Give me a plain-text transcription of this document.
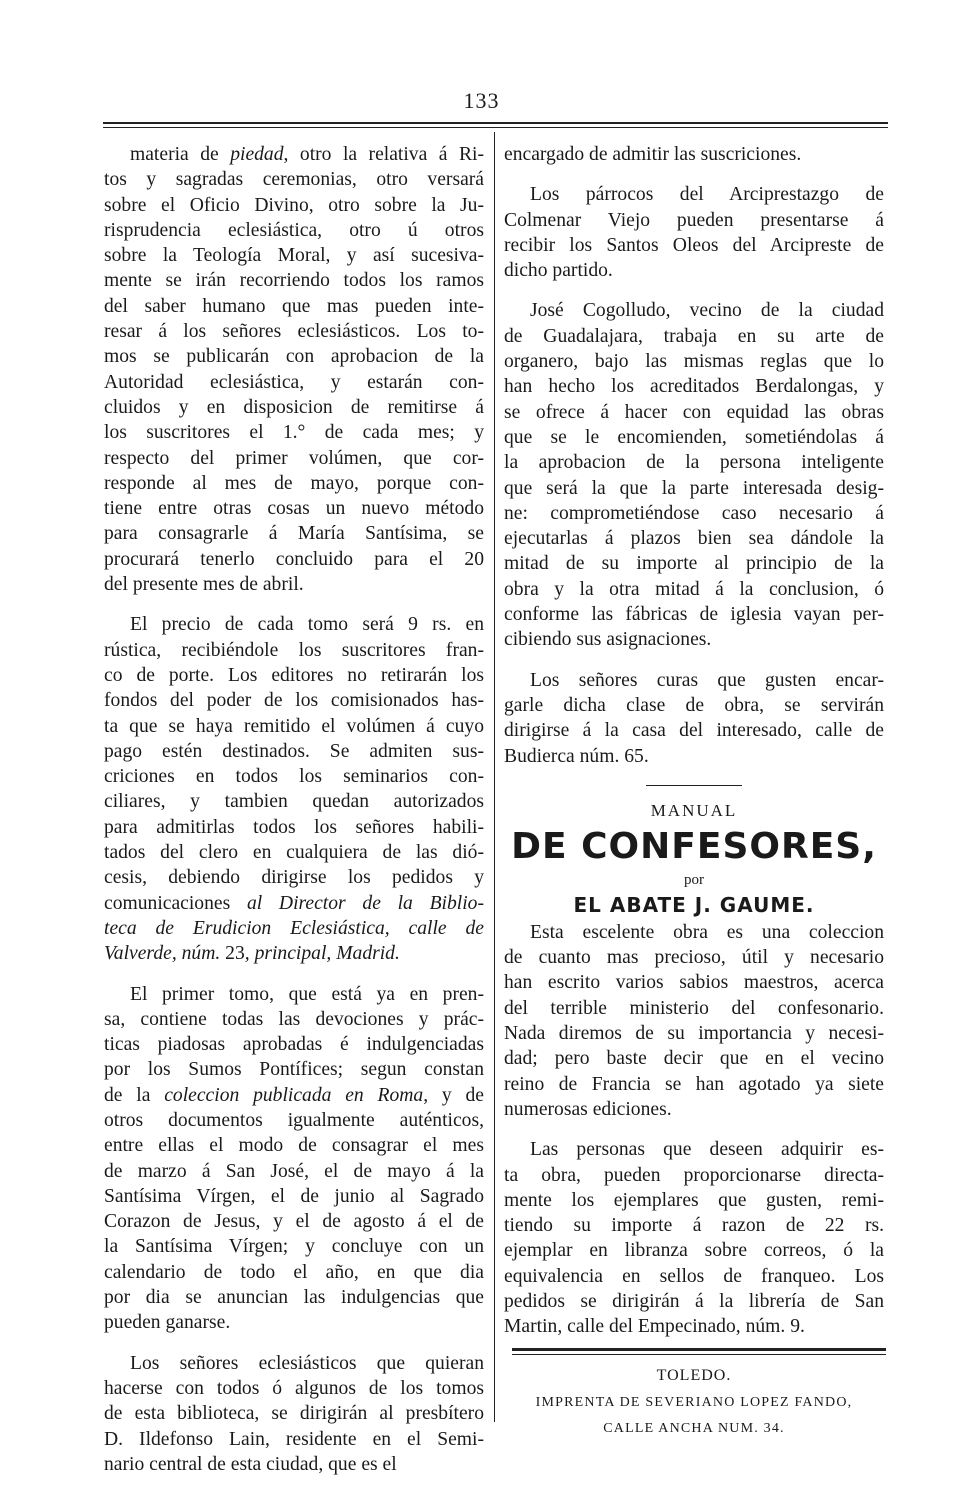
133
materia de piedad, otro la relativa á Ri-
tos y sagradas ceremonias, otro versará
sobre el Oficio Divino, otro sobre la Ju-
risprudencia eclesiástica, otro ú otros
sobre la Teología Moral, y así sucesiva-
mente se irán recorriendo todos los ramos
del saber humano que mas pueden inte-
resar á los señores eclesiásticos. Los to-
mos se publicarán con aprobacion de la
Autoridad eclesiástica, y estarán con-
cluidos y en disposicion de remitirse á
los suscritores el 1.° de cada mes; y
respecto del primer volúmen, que cor-
responde al mes de mayo, porque con-
tiene entre otras cosas un nuevo método
para consagrarle á María Santísima, se
procurará tenerlo concluido para el 20
del presente mes de abril.
El precio de cada tomo será 9 rs. en
rústica, recibiéndole los suscritores fran-
co de porte. Los editores no retirarán los
fondos del poder de los comisionados has-
ta que se haya remitido el volúmen á cuyo
pago estén destinados. Se admiten sus-
criciones en todos los seminarios con-
ciliares, y tambien quedan autorizados
para admitirlas todos los señores habili-
tados del clero en cualquiera de las dió-
cesis, debiendo dirigirse los pedidos y
comunicaciones al Director de la Biblio-
teca de Erudicion Eclesiástica, calle de
Valverde, núm. 23, principal, Madrid.
El primer tomo, que está ya en pren-
sa, contiene todas las devociones y prác-
ticas piadosas aprobadas é indulgenciadas
por los Sumos Pontífices; segun constan
de la coleccion publicada en Roma, y de
otros documentos igualmente auténticos,
entre ellas el modo de consagrar el mes
de marzo á San José, el de mayo á la
Santísima Vírgen, el de junio al Sagrado
Corazon de Jesus, y el de agosto á el de
la Santísima Vírgen; y concluye con un
calendario de todo el año, en que dia
por dia se anuncian las indulgencias que
pueden ganarse.
Los señores eclesiásticos que quieran
hacerse con todos ó algunos de los tomos
de esta biblioteca, se dirigirán al presbítero
D. Ildefonso Lain, residente en el Semi-
nario central de esta ciudad, que es el
encargado de admitir las suscriciones.
Los párrocos del Arciprestazgo de
Colmenar Viejo pueden presentarse á
recibir los Santos Oleos del Arcipreste de
dicho partido.
José Cogolludo, vecino de la ciudad
de Guadalajara, trabaja en su arte de
organero, bajo las mismas reglas que lo
han hecho los acreditados Berdalongas, y
se ofrece á hacer con equidad las obras
que se le encomienden, sometiéndolas á
la aprobacion de la persona inteligente
que será la que la parte interesada desig-
ne: comprometiéndose caso necesario á
ejecutarlas á plazos bien sea dándole la
mitad de su importe al principio de la
obra y la otra mitad á la conclusion, ó
conforme las fábricas de iglesia vayan per-
cibiendo sus asignaciones.
Los señores curas que gusten encar-
garle dicha clase de obra, se servirán
dirigirse á la casa del interesado, calle de
Budierca núm. 65.
MANUAL
DE CONFESORES,
por
EL ABATE J. GAUME.
Esta escelente obra es una coleccion
de cuanto mas precioso, útil y necesario
han escrito varios sabios maestros, acerca
del terrible ministerio del confesonario.
Nada diremos de su importancia y necesi-
dad; pero baste decir que en el vecino
reino de Francia se han agotado ya siete
numerosas ediciones.
Las personas que deseen adquirir es-
ta obra, pueden proporcionarse directa-
mente los ejemplares que gusten, remi-
tiendo su importe á razon de 22 rs.
ejemplar en libranza sobre correos, ó la
equivalencia en sellos de franqueo. Los
pedidos se dirigirán á la librería de San
Martin, calle del Empecinado, núm. 9.
TOLEDO.
IMPRENTA DE SEVERIANO LOPEZ FANDO,
CALLE ANCHA NUM. 34.
